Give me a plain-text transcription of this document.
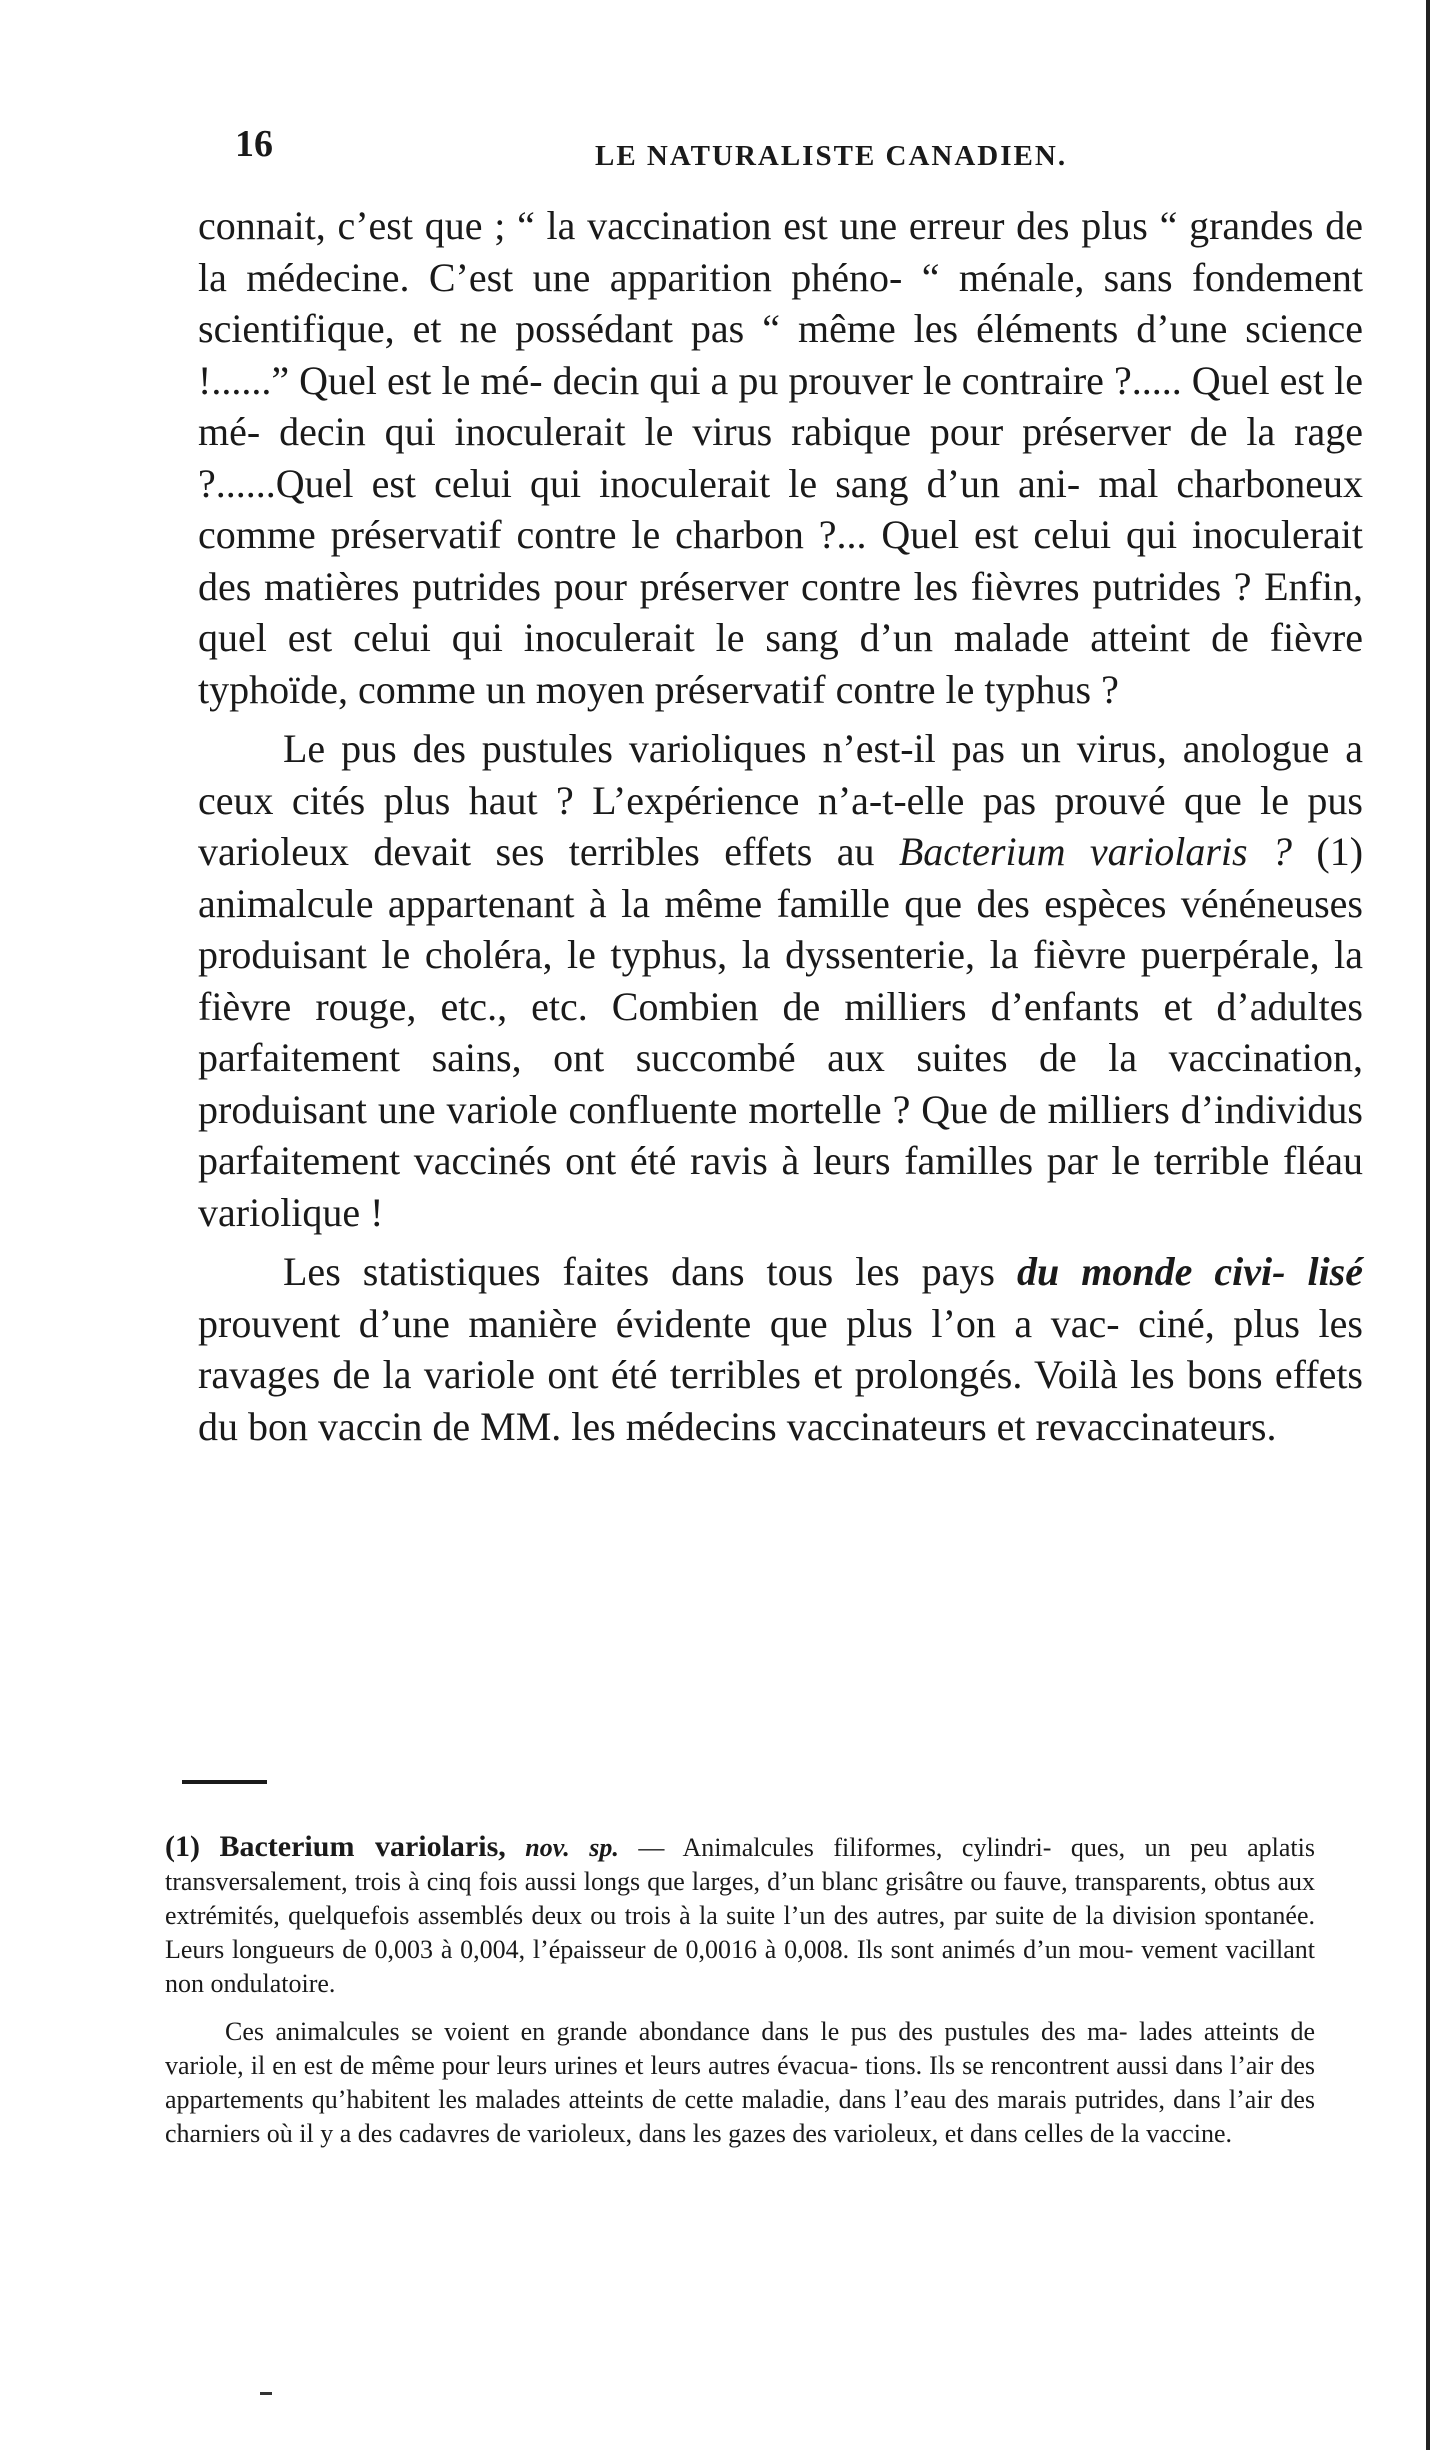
16	LE NATURALISTE CANADIEN.

connait, c’est que ; “ la vaccination est une erreur des plus “ grandes de la médecine. C’est une apparition phéno- “ ménale, sans fondement scientifique, et ne possédant pas “ même les éléments d’une science !......” Quel est le mé- decin qui a pu prouver le contraire ?..... Quel est le mé- decin qui inoculerait le virus rabique pour préserver de la rage ?......Quel est celui qui inoculerait le sang d’un ani- mal charboneux comme préservatif contre le charbon ?... Quel est celui qui inoculerait des matières putrides pour préserver contre les fièvres putrides ? Enfin, quel est celui qui inoculerait le sang d’un malade atteint de fièvre typhoïde, comme un moyen préservatif contre le typhus ?

Le pus des pustules varioliques n’est-il pas un virus, anologue a ceux cités plus haut ? L’expérience n’a-t-elle pas prouvé que le pus varioleux devait ses terribles effets au Bacterium variolaris ? (1) animalcule appartenant à la même famille que des espèces vénéneuses produisant le choléra, le typhus, la dyssenterie, la fièvre puerpérale, la fièvre rouge, etc., etc. Combien de milliers d’enfants et d’adultes parfaitement sains, ont succombé aux suites de la vaccination, produisant une variole confluente mortelle ? Que de milliers d’individus parfaitement vaccinés ont été ravis à leurs familles par le terrible fléau variolique !

Les statistiques faites dans tous les pays du monde civi- lisé prouvent d’une manière évidente que plus l’on a vac- ciné, plus les ravages de la variole ont été terribles et prolongés. Voilà les bons effets du bon vaccin de MM. les médecins vaccinateurs et revaccinateurs.

(1) Bacterium variolaris, nov. sp. — Animalcules filiformes, cylindri- ques, un peu aplatis transversalement, trois à cinq fois aussi longs que larges, d’un blanc grisâtre ou fauve, transparents, obtus aux extrémités, quelquefois assemblés deux ou trois à la suite l’un des autres, par suite de la division spontanée. Leurs longueurs de 0,003 à 0,004, l’épaisseur de 0,0016 à 0,008. Ils sont animés d’un mou- vement vacillant non ondulatoire.

Ces animalcules se voient en grande abondance dans le pus des pustules des ma- lades atteints de variole, il en est de même pour leurs urines et leurs autres évacua- tions. Ils se rencontrent aussi dans l’air des appartements qu’habitent les malades atteints de cette maladie, dans l’eau des marais putrides, dans l’air des charniers où il y a des cadavres de varioleux, dans les gazes des varioleux, et dans celles de la vaccine.
